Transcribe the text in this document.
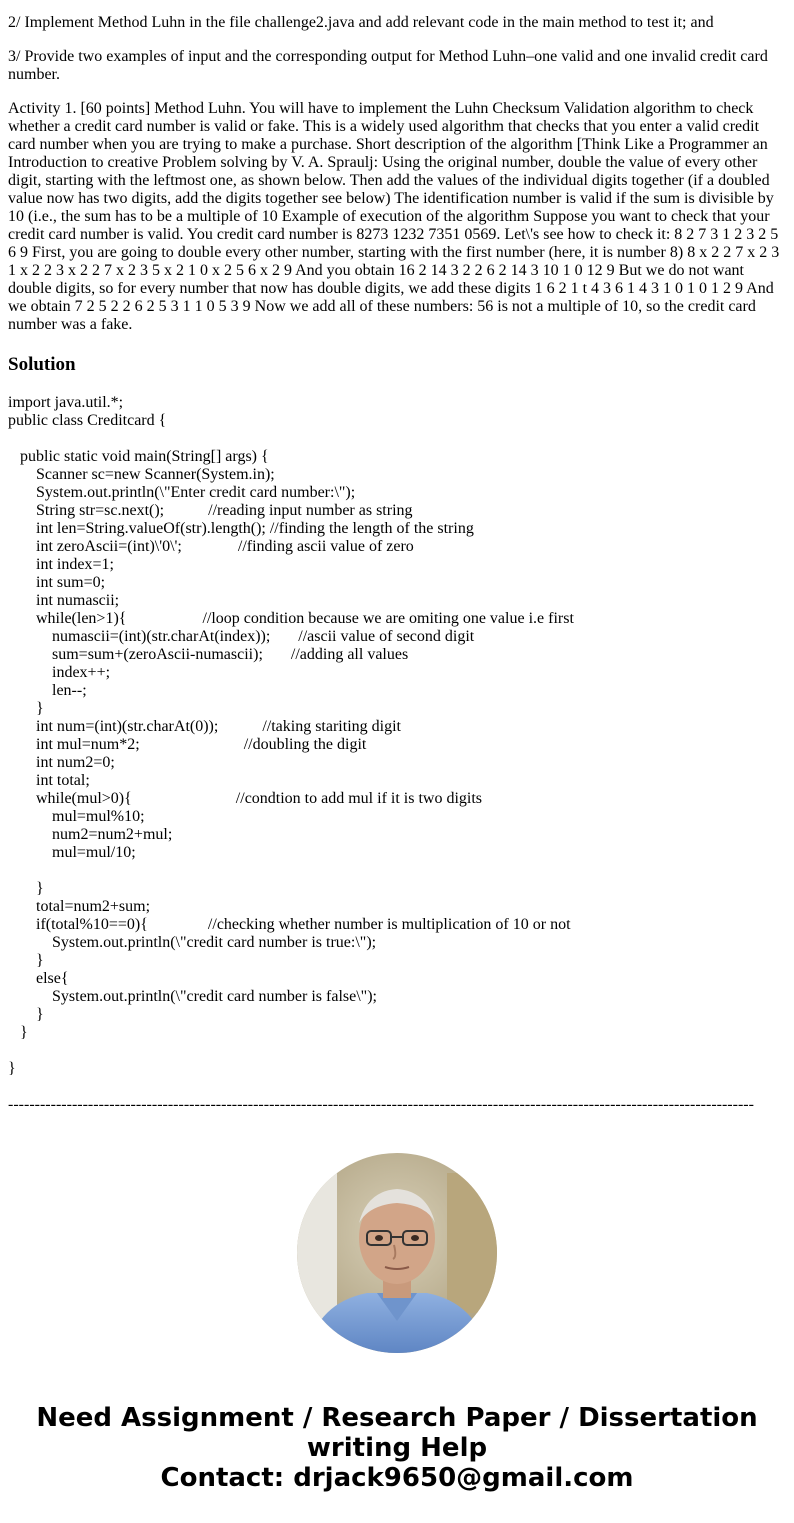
2/ Implement Method Luhn in the file challenge2.java and add relevant code in the main method to test it; and

3/ Provide two examples of input and the corresponding output for Method Luhn–one valid and one invalid credit card number.

Activity 1. [60 points] Method Luhn. You will have to implement the Luhn Checksum Validation algorithm to check whether a credit card number is valid or fake. This is a widely used algorithm that checks that you enter a valid credit card number when you are trying to make a purchase. Short description of the algorithm [Think Like a Programmer an Introduction to creative Problem solving by V. A. Spraulj: Using the original number, double the value of every other digit, starting with the leftmost one, as shown below. Then add the values of the individual digits together (if a doubled value now has two digits, add the digits together see below) The identification number is valid if the sum is divisible by 10 (i.e., the sum has to be a multiple of 10 Example of execution of the algorithm Suppose you want to check that your credit card number is valid. You credit card number is 8273 1232 7351 0569. Let\'s see how to check it: 8 2 7 3 1 2 3 2 5 6 9 First, you are going to double every other number, starting with the first number (here, it is number 8) 8 x 2 2 7 x 2 3 1 x 2 2 3 x 2 2 7 x 2 3 5 x 2 1 0 x 2 5 6 x 2 9 And you obtain 16 2 14 3 2 2 6 2 14 3 10 1 0 12 9 But we do not want double digits, so for every number that now has double digits, we add these digits 1 6 2 1 t 4 3 6 1 4 3 1 0 1 0 1 2 9 And we obtain 7 2 5 2 2 6 2 5 3 1 1 0 5 3 9 Now we add all of these numbers: 56 is not a multiple of 10, so the credit card number was a fake.

Solution
import java.util.*;
public class Creditcard {

public static void main(String[] args) {
Scanner sc=new Scanner(System.in);
System.out.println(\"Enter credit card number:\");
String str=sc.next();           //reading input number as string
int len=String.valueOf(str).length(); //finding the length of the string
int zeroAscii=(int)\'0\';              //finding ascii value of zero
int index=1;
int sum=0;
int numascii;
while(len>1){                   //loop condition because we are omiting one value i.e first
numascii=(int)(str.charAt(index));       //ascii value of second digit
sum=sum+(zeroAscii-numascii);       //adding all values
index++;
len--;
}
int num=(int)(str.charAt(0));           //taking stariting digit
int mul=num*2;                          //doubling the digit
int num2=0;
int total;
while(mul>0){                          //condtion to add mul if it is two digits
mul=mul%10;
num2=num2+mul;
mul=mul/10;

}
total=num2+sum;
if(total%10==0){               //checking whether number is multiplication of 10 or not
System.out.println(\"credit card number is true:\");
}
else{
System.out.println(\"credit card number is false\");
}
}

}
--------------------------------------------------------------------------------------------------------------------------------------------
Need Assignment / Research Paper / Dissertation
writing Help
Contact: drjack9650@gmail.com
